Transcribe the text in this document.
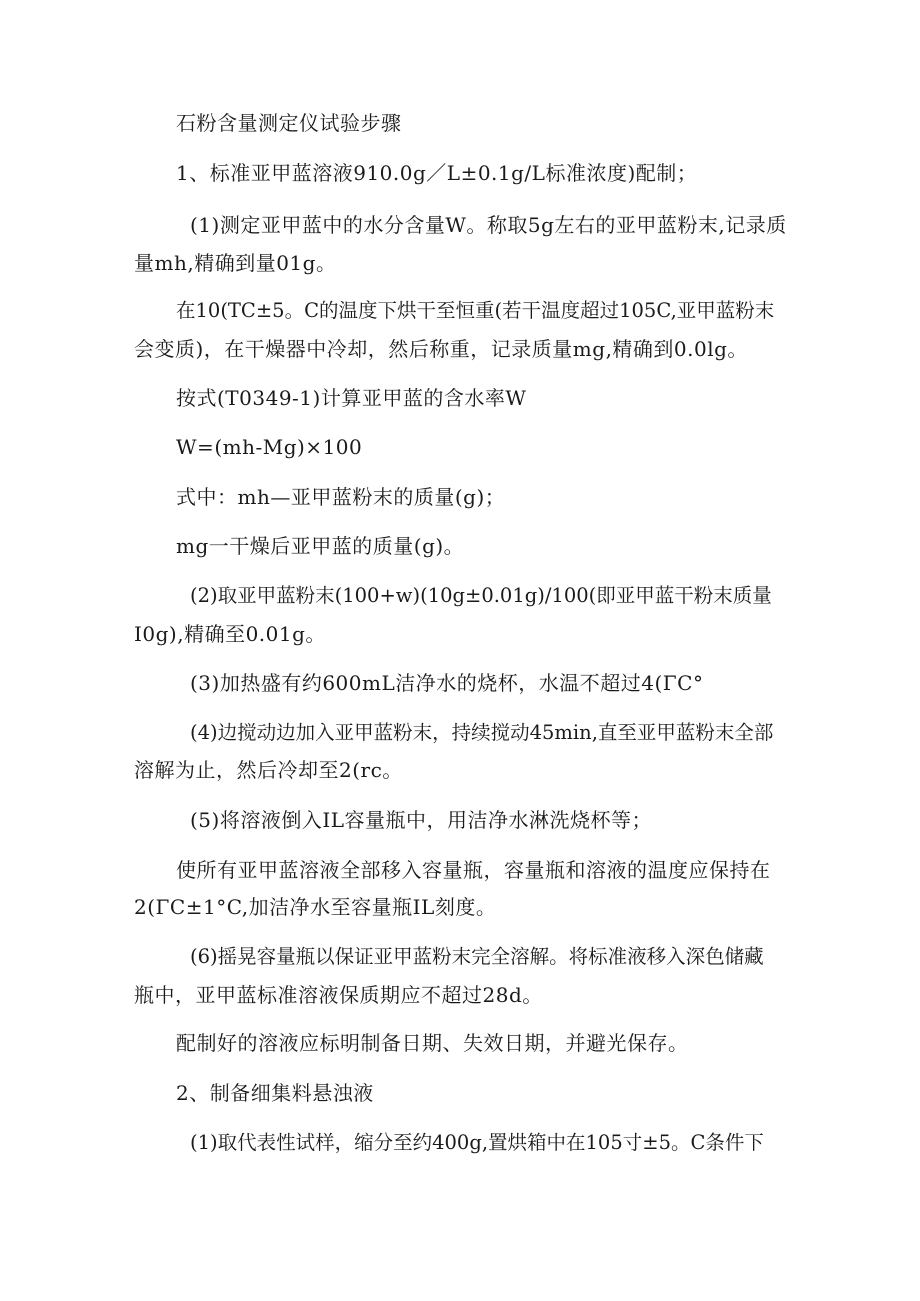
石粉含量测定仪试验步骤
1、标准亚甲蓝溶液910.0g／L±0.1g/L标准浓度)配制；
(1)测定亚甲蓝中的水分含量W。称取5g左右的亚甲蓝粉末,记录质
量mh,精确到量01g。
在10(TC±5。C的温度下烘干至恒重(若干温度超过105C,亚甲蓝粉末
会变质)，在干燥器中冷却，然后称重，记录质量mg,精确到0.0lg。
按式(T0349-1)计算亚甲蓝的含水率W
W=(mh-Mg)×100
式中：mh—亚甲蓝粉末的质量(g)；
mg一干燥后亚甲蓝的质量(g)。
(2)取亚甲蓝粉末(100+w)(10g±0.01g)/100(即亚甲蓝干粉末质量
I0g),精确至0.01g。
(3)加热盛有约600mL洁净水的烧杯，水温不超过4(ΓC°
(4)边搅动边加入亚甲蓝粉末，持续搅动45min,直至亚甲蓝粉末全部
溶解为止，然后冷却至2(rc。
(5)将溶液倒入IL容量瓶中，用洁净水淋洗烧杯等；
使所有亚甲蓝溶液全部移入容量瓶，容量瓶和溶液的温度应保持在
2(ΓC±1°C,加洁净水至容量瓶IL刻度。
(6)摇晃容量瓶以保证亚甲蓝粉末完全溶解。将标准液移入深色储藏
瓶中，亚甲蓝标准溶液保质期应不超过28d。
配制好的溶液应标明制备日期、失效日期，并避光保存。
2、制备细集料悬浊液
(1)取代表性试样，缩分至约400g,置烘箱中在105寸±5。C条件下
